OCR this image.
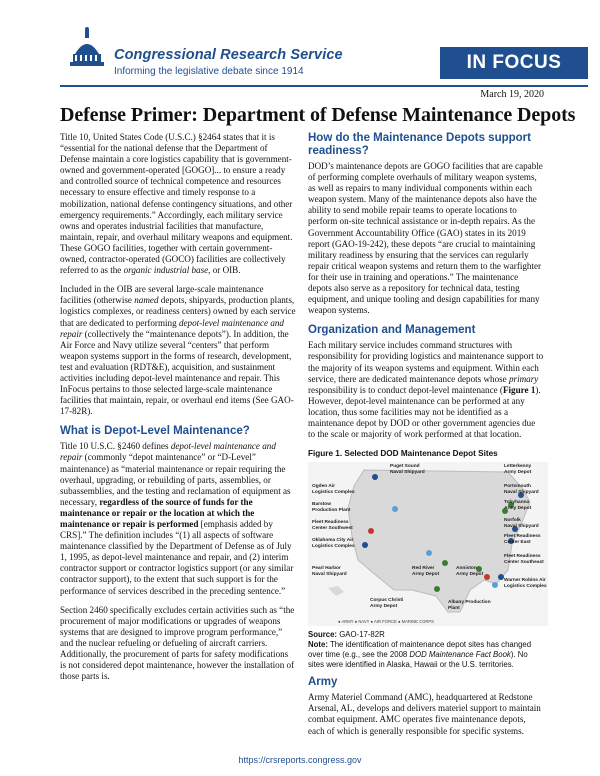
Congressional Research Service
Informing the legislative debate since 1914	IN FOCUS
March 19, 2020
Defense Primer: Department of Defense Maintenance Depots

Title 10, United States Code (U.S.C.) §2464 states that it is “essential for the national defense that the Department of Defense maintain a core logistics capability that is government-owned and government-operated [GOGO]... to ensure a ready and controlled source of technical competence and resources necessary to ensure effective and timely response to a mobilization, national defense contingency situations, and other emergency requirements.” Accordingly, each military service owns and operates industrial facilities that manufacture, maintain, repair, and overhaul military weapons and equipment. These GOGO facilities, together with certain government-owned, contractor-operated (GOCO) facilities are collectively referred to as the organic industrial base, or OIB.

Included in the OIB are several large-scale maintenance facilities (otherwise named depots, shipyards, production plants, logistics complexes, or readiness centers) owned by each service that are dedicated to performing depot-level maintenance and repair (collectively the “maintenance depots”). In addition, the Air Force and Navy utilize several “centers” that perform weapon systems support in the forms of research, development, test and evaluation (RDT&E), acquisition, and sustainment activities including depot-level maintenance and repair. This InFocus pertains to those selected large-scale maintenance facilities that maintain, repair, or overhaul end items (See GAO-17-82R).

What is Depot-Level Maintenance?

Title 10 U.S.C. §2460 defines depot-level maintenance and repair (commonly “depot maintenance” or “D-Level” maintenance) as “material maintenance or repair requiring the overhaul, upgrading, or rebuilding of parts, assemblies, or subassemblies, and the testing and reclamation of equipment as necessary, regardless of the source of funds for the maintenance or repair or the location at which the maintenance or repair is performed [emphasis added by CRS].” The definition includes “(1) all aspects of software maintenance classified by the Department of Defense as of July 1, 1995, as depot-level maintenance and repair, and (2) interim contractor support or contractor logistics support (or any similar contractor support), to the extent that such support is for the performance of services described in the preceding sentence.”

Section 2460 specifically excludes certain activities such as “the procurement of major modifications or upgrades of weapons systems that are designed to improve program performance,” and the nuclear refueling or defueling of aircraft carriers. Additionally, the procurement of parts for safety modifications is not considered depot maintenance, however the installation of those parts is.

How do the Maintenance Depots support readiness?

DOD’s maintenance depots are GOGO facilities that are capable of performing complete overhauls of military weapon systems, as well as repairs to many individual components within each weapon system. Many of the maintenance depots also have the ability to send mobile repair teams to operate locations to perform on-site technical assistance or in-depth repairs. As the Government Accountability Office (GAO) states in its 2019 report (GAO-19-242), these depots “are crucial to maintaining military readiness by ensuring that the services can regularly repair critical weapon systems and return them to the warfighter for their use in training and operations.” The maintenance depots also serve as a repository for technical data, testing equipment, and unique tooling and design capabilities for many weapon systems.

Organization and Management

Each military service includes command structures with responsibility for providing logistics and maintenance support to the majority of its weapon systems and equipment. Within each service, there are dedicated maintenance depots whose primary responsibility is to conduct depot-level maintenance (Figure 1). However, depot-level maintenance can be performed at any location, thus some facilities may not be identified as a maintenance depot by DOD or other government agencies due to the scale or majority of work performed at that location.

Figure 1. Selected DOD Maintenance Depot Sites
Puget Sound
Naval Shipyard
Ogden Air
Logistics Complex
Barstow
Production Plant
Fleet Readiness
Center Southwest
Oklahoma City Air
Logistics Complex
Pearl Harbor
Naval Shipyard
Red River
Army Depot
Corpus Christi
Army Depot
Anniston
Army Depot
Albany Production
Plant
Letterkenny
Army Depot
Portsmouth
Naval Shipyard
Tobyhanna
Army Depot
Norfolk
Naval Shipyard
Fleet Readiness
Center East
Fleet Readiness
Center Southeast
Warner Robins Air
Logistics Complex
● ARMY ● NAVY ● AIR FORCE ● MARINE CORPS
Source: GAO-17-82R
Note: The identification of maintenance depot sites has changed over time (e.g., see the 2008 DOD Maintenance Fact Book). No sites were identified in Alaska, Hawaii or the U.S. territories.
Army

Army Materiel Command (AMC), headquartered at Redstone Arsenal, AL, develops and delivers materiel support to maintain combat equipment. AMC operates five maintenance depots, each of which is generally responsible for specific systems.

https://crsreports.congress.gov
